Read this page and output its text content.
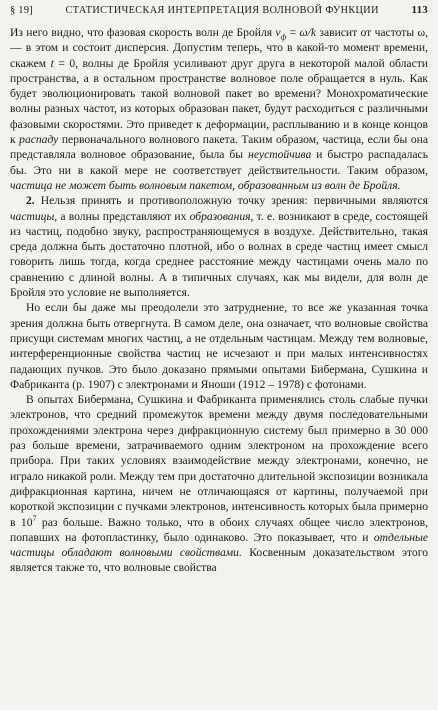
§ 19]	СТАТИСТИЧЕСКАЯ ИНТЕРПРЕТАЦИЯ ВОЛНОВОЙ ФУНКЦИИ	113

Из него видно, что фазовая скорость волн де Бройля $v_ф = \omega/k$ зависит от частоты ω, — в этом и состоит дисперсия. Допустим теперь, что в какой-то момент времени, скажем t = 0, волны де Бройля усиливают друг друга в некоторой малой области пространства, а в остальном пространстве волновое поле обращается в нуль. Как будет эволюционировать такой волновой пакет во времени? Монохроматические волны разных частот, из которых образован пакет, будут расходиться с различными фазовыми скоростями. Это приведет к деформации, расплыванию и в конце концов к распаду первоначального волнового пакета. Таким образом, частица, если бы она представляла волновое образование, была бы неустойчива и быстро распадалась бы. Это ни в какой мере не соответствует действительности. Таким образом, частица не может быть волновым пакетом, образованным из волн де Бройля.

2. Нельзя принять и противоположную точку зрения: первичными являются частицы, а волны представляют их образования, т. е. возникают в среде, состоящей из частиц, подобно звуку, распространяющемуся в воздухе. Действительно, такая среда должна быть достаточно плотной, ибо о волнах в среде частиц имеет смысл говорить лишь тогда, когда среднее расстояние между частицами очень мало по сравнению с длиной волны. А в типичных случаях, как мы видели, для волн де Бройля это условие не выполняется.

Но если бы даже мы преодолели это затруднение, то все же указанная точка зрения должна быть отвергнута. В самом деле, она означает, что волновые свойства присущи системам многих частиц, а не отдельным частицам. Между тем волновые, интерференционные свойства частиц не исчезают и при малых интенсивностях падающих пучков. Это было доказано прямыми опытами Бибермана, Сушкина и Фабриканта (р. 1907) с электронами и Яноши (1912 – 1978) с фотонами.

В опытах Бибермана, Сушкина и Фабриканта применялись столь слабые пучки электронов, что средний промежуток времени между двумя последовательными прохождениями электрона через дифракционную систему был примерно в 30 000 раз больше времени, затрачиваемого одним электроном на прохождение всего прибора. При таких условиях взаимодействие между электронами, конечно, не играло никакой роли. Между тем при достаточно длительной экспозиции возникала дифракционная картина, ничем не отличающаяся от картины, получаемой при короткой экспозиции с пучками электронов, интенсивность которых была примерно в $10^7$ раз больше. Важно только, что в обоих случаях общее число электронов, попавших на фотопластинку, было одинаково. Это показывает, что и отдельные частицы обладают волновыми свойствами. Косвенным доказательством этого является также то, что волновые свойства
